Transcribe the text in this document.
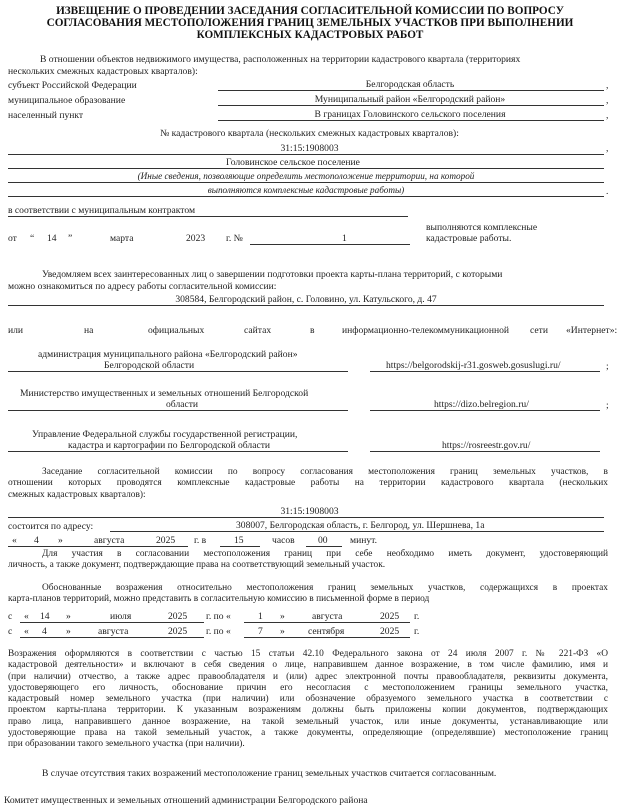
ИЗВЕЩЕНИЕ О ПРОВЕДЕНИИ ЗАСЕДАНИЯ СОГЛАСИТЕЛЬНОЙ КОМИССИИ ПО ВОПРОСУ
СОГЛАСОВАНИЯ МЕСТОПОЛОЖЕНИЯ ГРАНИЦ ЗЕМЕЛЬНЫХ УЧАСТКОВ ПРИ ВЫПОЛНЕНИИ
КОМПЛЕКСНЫХ КАДАСТРОВЫХ РАБОТ
В отношении объектов недвижимого имущества, расположенных на территории кадастрового квартала (территориях
нескольких смежных кадастровых кварталов):
субъект Российской Федерации	Белгородская область	,
муниципальное образование	Муниципальный район «Белгородский район»	,
населенный пункт	В границах Головинского сельского поселения	,
№ кадастрового квартала (нескольких смежных кадастровых кварталов):
31:15:1908003	,
Головинское сельское поселение
(Иные сведения, позволяющие определить местоположение территории, на которой
выполняются комплексные кадастровые работы)	.
в соответствии с муниципальным контрактом
от “ 14 ”	марта	2023 г. №	1
выполняются комплексные
кадастровые работы.
Уведомляем всех заинтересованных лиц о завершении подготовки проекта карты-плана территорий, с которыми
можно ознакомиться по адресу работы согласительной комиссии:
308584, Белгородский район, с. Головино, ул. Катульского, д. 47
или	на	официальных	сайтах	в	информационно-телекоммуникационной сети «Интернет»:
администрация муниципального района «Белгородский район»
Белгородской области	https://belgorodskij-r31.gosweb.gosuslugi.ru/	;
Министерство имущественных и земельных отношений Белгородской
области	https://dizo.belregion.ru/	;
Управление Федеральной службы государственной регистрации,
кадастра и картографии по Белгородской области	https://rosreestr.gov.ru/
Заседание согласительной комиссии по вопросу согласования местоположения границ земельных участков, в
отношении которых проводятся комплексные кадастровые работы на территории кадастрового квартала (нескольких
смежных кадастровых кварталов):
31:15:1908003
состоится по адресу:	308007, Белгородская область, г. Белгород, ул. Шершнева, 1а
« 4 »	августа	2025 г. в	15	часов 00 минут.
Для участия в согласовании местоположения границ при себе необходимо иметь документ, удостоверяющий
личность, а также документ, подтверждающие права на соответствующий земельный участок.
Обоснованные возражения относительно местоположения границ земельных участков, содержащихся в проектах
карта-планов территорий, можно представить в согласительную комиссию в письменной форме в период
с « 14 »	июля	2025 г. по «	1 »	августа	2025 г.
с « 4 »	августа	2025 г. по «	7 » сентября	2025 г.
Возражения оформляются в соответствии с частью 15 статьи 42.10 Федерального закона от 24 июля 2007 г. № 221-ФЗ «О
кадастровой деятельности» и включают в себя сведения о лице, направившем данное возражение, в том числе фамилию, имя и
(при наличии) отчество, а также адрес правообладателя и (или) адрес электронной почты правообладателя, реквизиты документа,
удостоверяющего его личность, обоснование причин его несогласия с местоположением границы земельного участка,
кадастровый номер земельного участка (при наличии) или обозначение образуемого земельного участка в соответствии с
проектом карты-плана территории. К указанным возражениям должны быть приложены копии документов, подтверждающих
право лица, направившего данное возражение, на такой земельный участок, или иные документы, устанавливающие или
удостоверяющие права на такой земельный участок, а также документы, определяющие (определявшие) местоположение границ
при образовании такого земельного участка (при наличии).
В случае отсутствия таких возражений местоположение границ земельных участков считается согласованным.
Комитет имущественных и земельных отношений администрации Белгородского района
